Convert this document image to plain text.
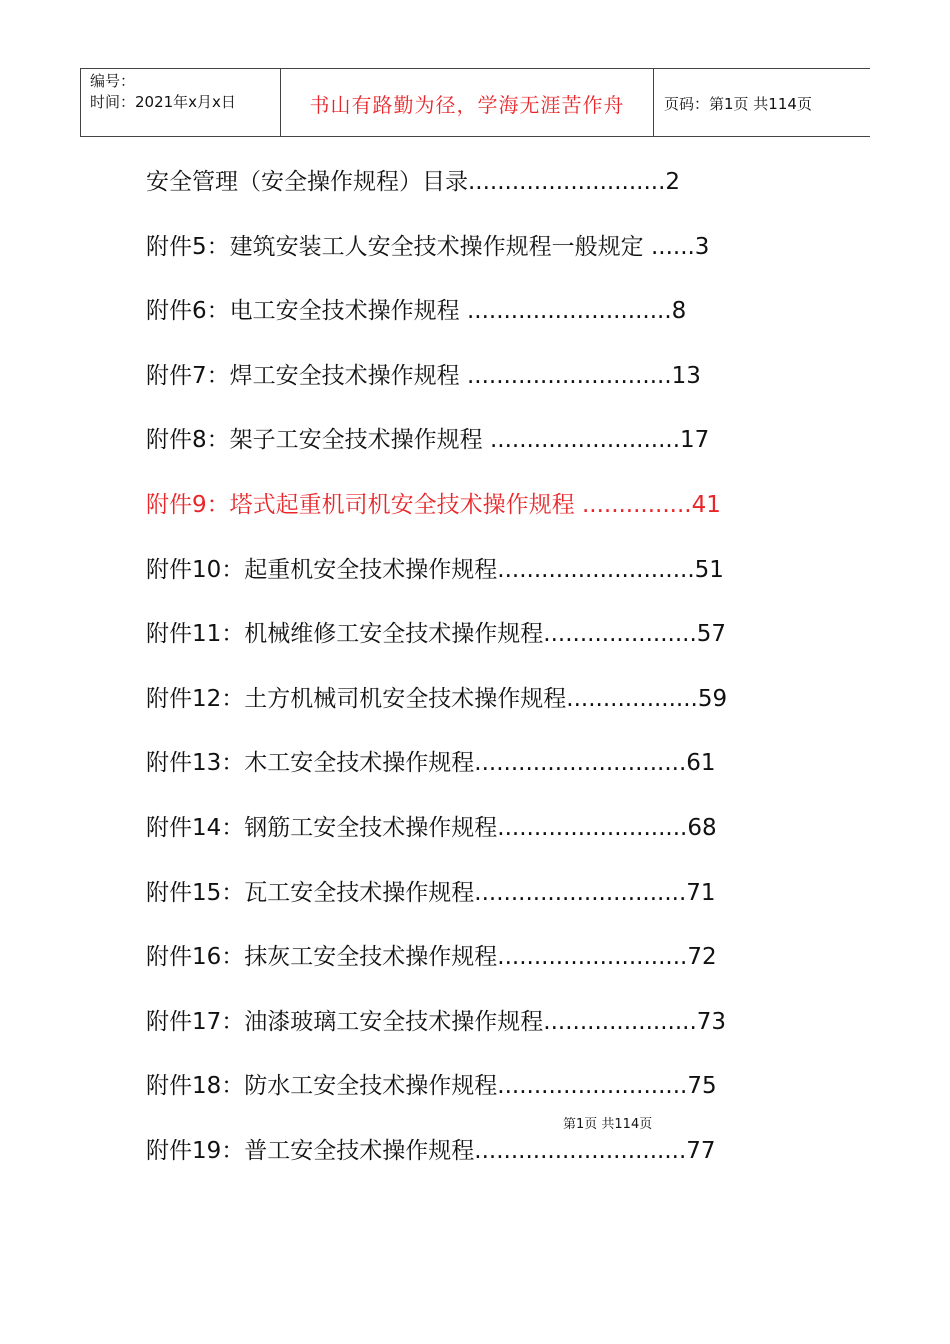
编号：
时间：2021年x月x日	书山有路勤为径，学海无涯苦作舟	页码：第1页 共114页
安全管理（安全操作规程）目录...........................2
附件5：建筑安装工人安全技术操作规程一般规定 ......3
附件6：电工安全技术操作规程 ............................8
附件7：焊工安全技术操作规程 ............................13
附件8：架子工安全技术操作规程 ..........................17
附件9：塔式起重机司机安全技术操作规程 ...............41
附件10：起重机安全技术操作规程...........................51
附件11：机械维修工安全技术操作规程.....................57
附件12：土方机械司机安全技术操作规程..................59
附件13：木工安全技术操作规程.............................61
附件14：钢筋工安全技术操作规程..........................68
附件15：瓦工安全技术操作规程.............................71
附件16：抹灰工安全技术操作规程..........................72
附件17：油漆玻璃工安全技术操作规程.....................73
附件18：防水工安全技术操作规程..........................75
附件19：普工安全技术操作规程.............................77
第1页 共114页
